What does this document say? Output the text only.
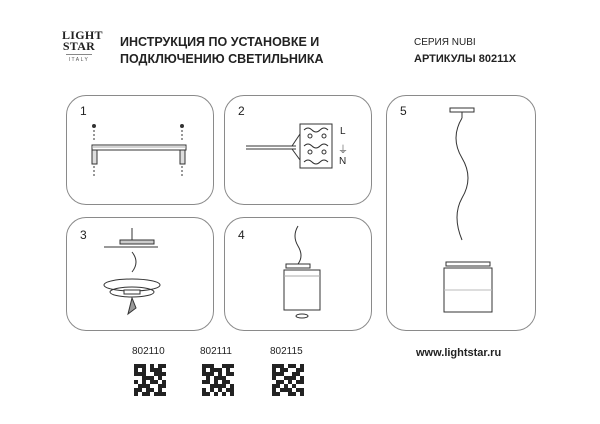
LIGHT
STAR
ITALY
ИНСТРУКЦИЯ ПО УСТАНОВКЕ И
ПОДКЛЮЧЕНИЮ СВЕТИЛЬНИКА
СЕРИЯ NUBI
АРТИКУЛЫ 80211X
1	2
3	4
5
L
⏚
N
802110	802111	802115	www.lightstar.ru
